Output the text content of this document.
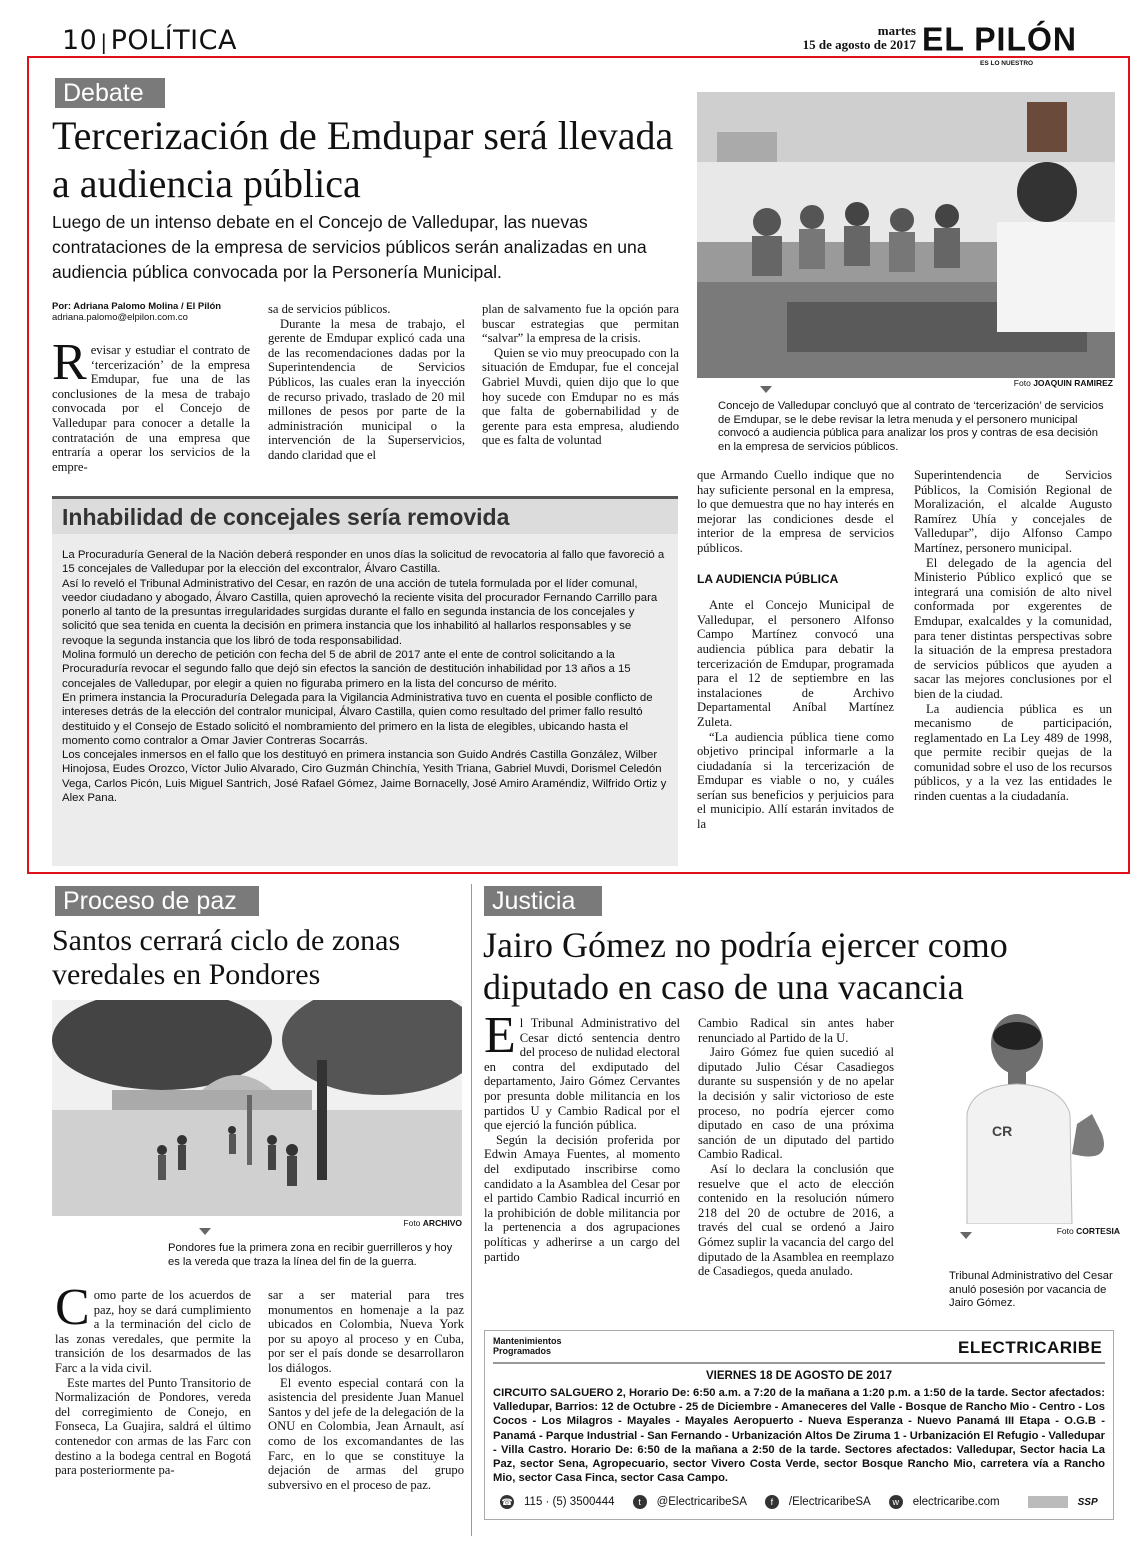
10 | POLÍTICA	martes
15 de agosto de 2017 EL PILÓN
ES LO NUESTRO
Debate
Tercerización de Emdupar será llevada a audiencia pública

Luego de un intenso debate en el Concejo de Valledupar, las nuevas contrataciones de la empresa de servicios públicos serán analizadas en una audiencia pública convocada por la Personería Municipal.

Por: Adriana Palomo Molina / El Pilón
adriana.palomo@elpilon.com.co
R evisar y estudiar el contrato de ‘tercerización’ de la empresa Emdupar, fue una de las conclusiones de la mesa de trabajo convocada por el Concejo de Valledupar para conocer a detalle la contratación de una empresa que entraría a operar los servicios de la empre-
sa de servicios públicos.

Durante la mesa de trabajo, el gerente de Emdupar explicó cada una de las recomendaciones dadas por la Superintendencia de Servicios Públicos, las cuales eran la inyección de recurso privado, traslado de 20 mil millones de pesos por parte de la administración municipal o la intervención de la Superservicios, dando claridad que el

plan de salvamento fue la opción para buscar estrategias que permitan “salvar” la empresa de la crisis.

Quien se vio muy preocupado con la situación de Emdupar, fue el concejal Gabriel Muvdi, quien dijo que lo que hoy sucede con Emdupar no es más que falta de gobernabilidad y de gerente para esta empresa, aludiendo que es falta de voluntad

Foto JOAQUIN RAMIREZ

Concejo de Valledupar concluyó que al contrato de ‘tercerización’ de servicios de Emdupar, se le debe revisar la letra menuda y el personero municipal convocó a audiencia pública para analizar los pros y contras de esa decisión en la empresa de servicios públicos.

que Armando Cuello indique que no hay suficiente personal en la empresa, lo que demuestra que no hay interés en mejorar las condiciones desde el interior de la empresa de servicios públicos.
LA AUDIENCIA PÚBLICA

Ante el Concejo Municipal de Valledupar, el personero Alfonso Campo Martínez convocó una audiencia pública para debatir la tercerización de Emdupar, programada para el 12 de septiembre en las instalaciones de Archivo Departamental Aníbal Martínez Zuleta.

“La audiencia pública tiene como objetivo principal informarle a la ciudadanía si la tercerización de Emdupar es viable o no, y cuáles serían sus beneficios y perjuicios para el municipio. Allí estarán invitados de la

Superintendencia de Servicios Públicos, la Comisión Regional de Moralización, el alcalde Augusto Ramírez Uhía y concejales de Valledupar”, dijo Alfonso Campo Martínez, personero municipal.

El delegado de la agencia del Ministerio Público explicó que se integrará una comisión de alto nivel conformada por exgerentes de Emdupar, exalcaldes y la comunidad, para tener distintas perspectivas sobre la situación de la empresa prestadora de servicios públicos que ayuden a sacar las mejores conclusiones por el bien de la ciudad.

La audiencia pública es un mecanismo de participación, reglamentado en La Ley 489 de 1998, que permite recibir quejas de la comunidad sobre el uso de los recursos públicos, y a la vez las entidades le rinden cuentas a la ciudadanía.

Inhabilidad de concejales sería removida

La Procuraduría General de la Nación deberá responder en unos días la solicitud de revocatoria al fallo que favoreció a 15 concejales de Valledupar por la elección del excontralor, Álvaro Castilla.

Así lo reveló el Tribunal Administrativo del Cesar, en razón de una acción de tutela formulada por el líder comunal, veedor ciudadano y abogado, Álvaro Castilla, quien aprovechó la reciente visita del procurador Fernando Carrillo para ponerlo al tanto de la presuntas irregularidades surgidas durante el fallo en segunda instancia de los concejales y solicitó que sea tenida en cuenta la decisión en primera instancia que los inhabilitó al hallarlos responsables y se revoque la segunda instancia que los libró de toda responsabilidad.

Molina formuló un derecho de petición con fecha del 5 de abril de 2017 ante el ente de control solicitando a la Procuraduría revocar el segundo fallo que dejó sin efectos la sanción de destitución inhabilidad por 13 años a 15 concejales de Valledupar, por elegir a quien no figuraba primero en la lista del concurso de mérito.

En primera instancia la Procuraduría Delegada para la Vigilancia Administrativa tuvo en cuenta el posible conflicto de intereses detrás de la elección del contralor municipal, Álvaro Castilla, quien como resultado del primer fallo resultó destituido y el Consejo de Estado solicitó el nombramiento del primero en la lista de elegibles, ubicando hasta el momento como contralor a Omar Javier Contreras Socarrás.

Los concejales inmersos en el fallo que los destituyó en primera instancia son Guido Andrés Castilla González, Wilber Hinojosa, Eudes Orozco, Víctor Julio Alvarado, Ciro Guzmán Chinchía, Yesith Triana, Gabriel Muvdi, Dorismel Celedón Vega, Carlos Picón, Luis Miguel Santrich, José Rafael Gómez, Jaime Bornacelly, José Amiro Araméndiz, Wilfrido Ortiz y Alex Pana.

Proceso de paz
Santos cerrará ciclo de zonas veredales en Pondores
Foto ARCHIVO

Pondores fue la primera zona en recibir guerrilleros y hoy es la vereda que traza la línea del fin de la guerra.

C omo parte de los acuerdos de paz, hoy se dará cumplimiento a la terminación del ciclo de las zonas veredales, que permite la transición de los desarmados de las Farc a la vida civil.

Este martes del Punto Transitorio de Normalización de Pondores, vereda del corregimiento de Conejo, en Fonseca, La Guajira, saldrá el último contenedor con armas de las Farc con destino a la bodega central en Bogotá para posteriormente pa-

sar a ser material para tres monumentos en homenaje a la paz ubicados en Colombia, Nueva York por su apoyo al proceso y en Cuba, por ser el país donde se desarrollaron los diálogos.

El evento especial contará con la asistencia del presidente Juan Manuel Santos y del jefe de la delegación de la ONU en Colombia, Jean Arnault, así como de los excomandantes de las Farc, en lo que se constituye la dejación de armas del grupo subversivo en el proceso de paz.

Justicia
Jairo Gómez no podría ejercer como diputado en caso de una vacancia
E l Tribunal Administrativo del Cesar dictó sentencia dentro del proceso de nulidad electoral en contra del exdiputado del departamento, Jairo Gómez Cervantes por presunta doble militancia en los partidos U y Cambio Radical por el que ejerció la función pública.

Según la decisión proferida por Edwin Amaya Fuentes, al momento del exdiputado inscribirse como candidato a la Asamblea del Cesar por el partido Cambio Radical incurrió en la prohibición de doble militancia por la pertenencia a dos agrupaciones políticas y adherirse a un cargo del partido

Cambio Radical sin antes haber renunciado al Partido de la U.

Jairo Gómez fue quien sucedió al diputado Julio César Casadiegos durante su suspensión y de no apelar la decisión y salir victorioso de este proceso, no podría ejercer como diputado en caso de una próxima sanción de un diputado del partido Cambio Radical.

Así lo declara la conclusión que resuelve que el acto de elección contenido en la resolución número 218 del 20 de octubre de 2016, a través del cual se ordenó a Jairo Gómez suplir la vacancia del cargo del diputado de la Asamblea en reemplazo de Casadiegos, queda anulado.

CR
Foto CORTESIA

Tribunal Administrativo del Cesar anuló posesión por vacancia de Jairo Gómez.

Mantenimientos
Programados	ELECTRICARIBE
VIERNES 18 DE AGOSTO DE 2017

CIRCUITO SALGUERO 2, Horario De: 6:50 a.m. a 7:20 de la mañana a 1:20 p.m. a 1:50 de la tarde. Sector afectados: Valledupar, Barrios: 12 de Octubre - 25 de Diciembre - Amaneceres del Valle - Bosque de Rancho Mio - Centro - Los Cocos - Los Milagros - Mayales - Mayales Aeropuerto - Nueva Esperanza - Nuevo Panamá III Etapa - O.G.B - Panamá - Parque Industrial - San Fernando - Urbanización Altos De Ziruma 1 - Urbanización El Refugio - Valledupar - Villa Castro. Horario De: 6:50 de la mañana a 2:50 de la tarde. Sectores afectados: Valledupar, Sector hacia La Paz, sector Sena, Agropecuario, sector Vivero Costa Verde, sector Bosque Rancho Mio, carretera vía a Rancho Mio, sector Casa Finca, sector Casa Campo.

☎ 115 · (5) 3500444	t	@ElectricaribeSA	f	/ElectricaribeSA	w	electricaribe.com	SSP
